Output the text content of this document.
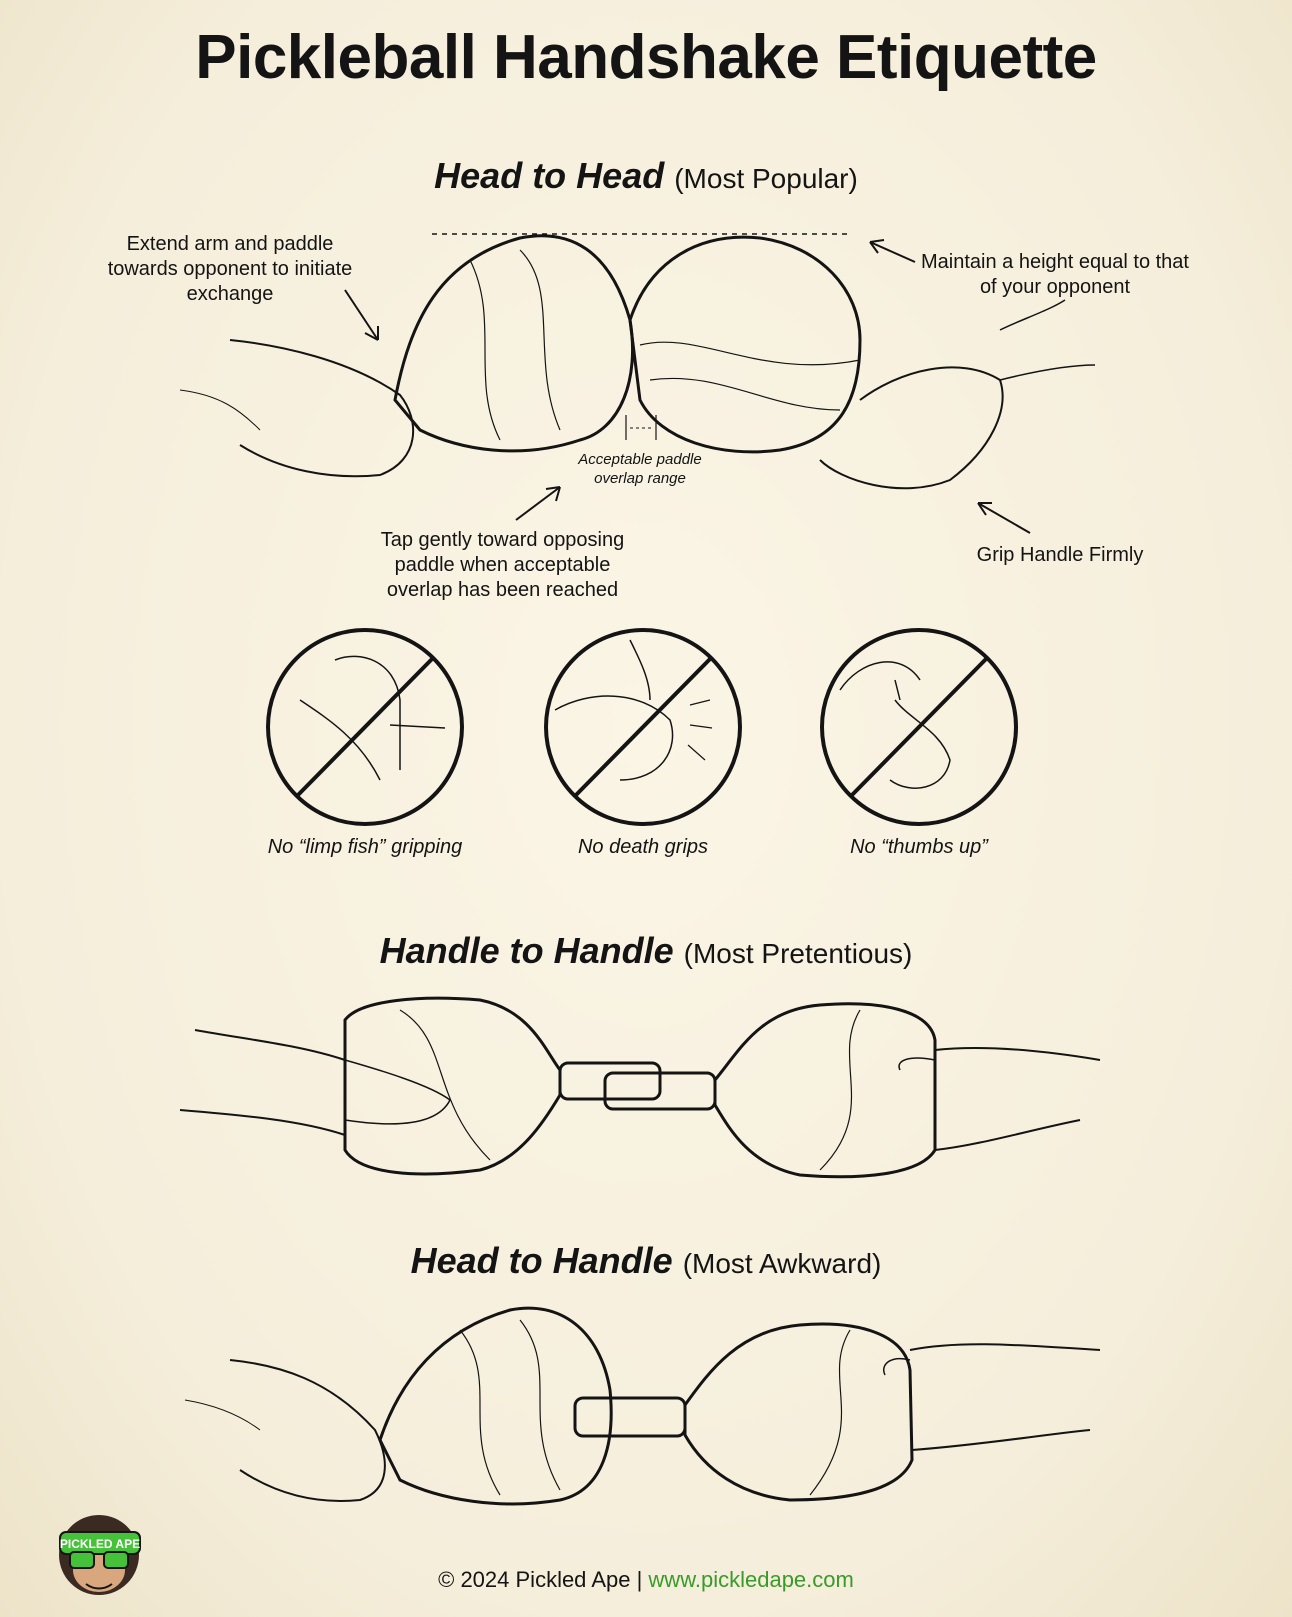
Pickleball Handshake Etiquette
Head to Head (Most Popular)
Extend arm and paddle towards opponent to initiate exchange
Maintain a height equal to that of your opponent
Acceptable paddle overlap range
Tap gently toward opposing paddle when acceptable overlap has been reached
Grip Handle Firmly
No “limp fish” gripping	No death grips	No “thumbs up”
Handle to Handle (Most Pretentious)
Head to Handle (Most Awkward)
PICKLED APE
© 2024 Pickled Ape | www.pickledape.com
